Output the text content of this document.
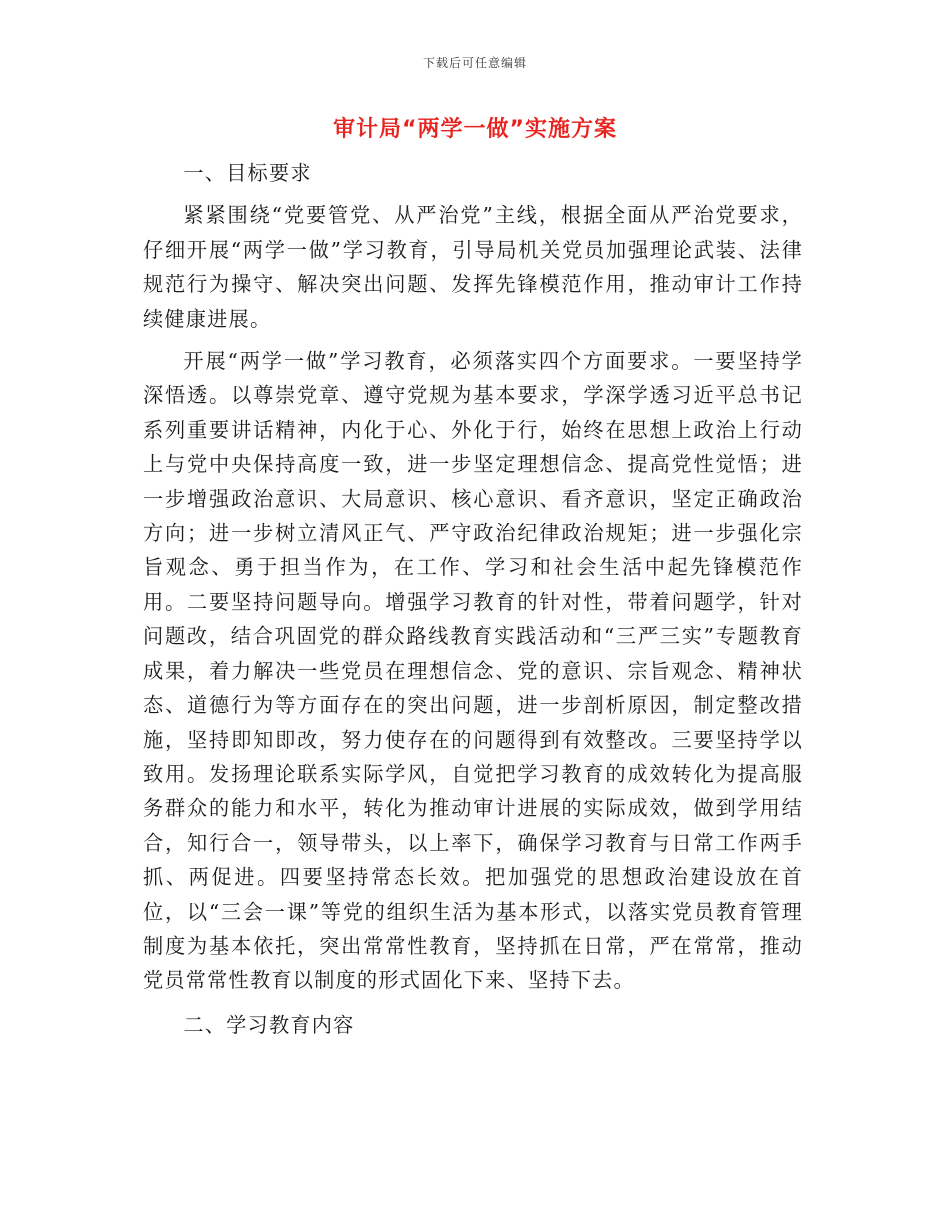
下载后可任意编辑
审计局“两学一做”实施方案

一、目标要求

紧紧围绕“党要管党、从严治党”主线，根据全面从严治党要求，仔细开展“两学一做”学习教育，引导局机关党员加强理论武装、法律规范行为操守、解决突出问题、发挥先锋模范作用，推动审计工作持续健康进展。

开展“两学一做”学习教育，必须落实四个方面要求。一要坚持学深悟透。以尊崇党章、遵守党规为基本要求，学深学透习近平总书记系列重要讲话精神，内化于心、外化于行，始终在思想上政治上行动上与党中央保持高度一致，进一步坚定理想信念、提高党性觉悟；进一步增强政治意识、大局意识、核心意识、看齐意识，坚定正确政治方向；进一步树立清风正气、严守政治纪律政治规矩；进一步强化宗旨观念、勇于担当作为，在工作、学习和社会生活中起先锋模范作用。二要坚持问题导向。增强学习教育的针对性，带着问题学，针对问题改，结合巩固党的群众路线教育实践活动和“三严三实”专题教育成果，着力解决一些党员在理想信念、党的意识、宗旨观念、精神状态、道德行为等方面存在的突出问题，进一步剖析原因，制定整改措施，坚持即知即改，努力使存在的问题得到有效整改。三要坚持学以致用。发扬理论联系实际学风，自觉把学习教育的成效转化为提高服务群众的能力和水平，转化为推动审计进展的实际成效，做到学用结合，知行合一，领导带头，以上率下，确保学习教育与日常工作两手抓、两促进。四要坚持常态长效。把加强党的思想政治建设放在首位，以“三会一课”等党的组织生活为基本形式，以落实党员教育管理制度为基本依托，突出常常性教育，坚持抓在日常，严在常常，推动党员常常性教育以制度的形式固化下来、坚持下去。

二、学习教育内容
